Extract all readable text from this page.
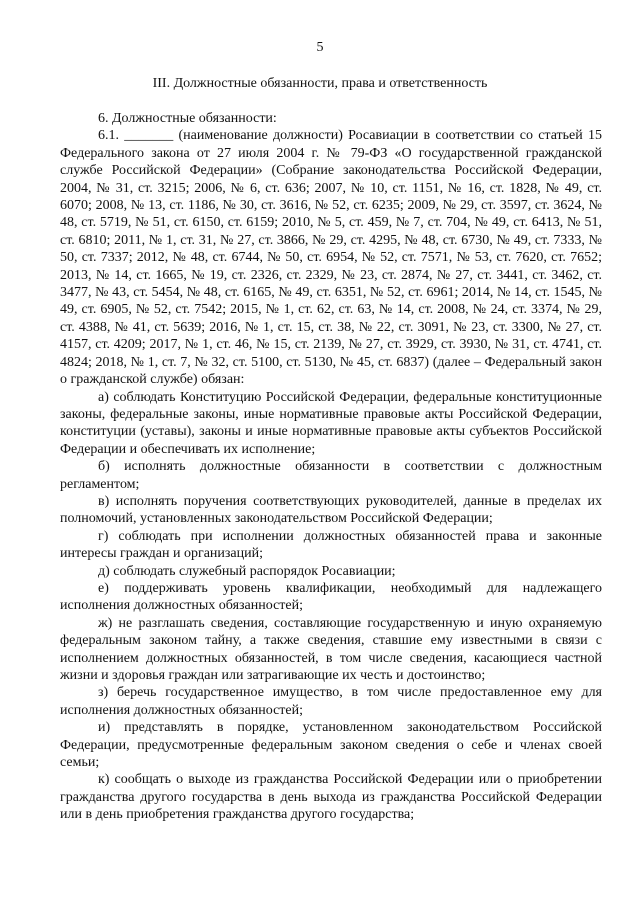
5
III. Должностные обязанности, права и ответственность

6. Должностные обязанности:

6.1. _______ (наименование должности) Росавиации в соответствии со статьей 15 Федерального закона от 27 июля 2004 г. № 79-ФЗ «О государственной гражданской службе Российской Федерации» (Собрание законодательства Российской Федерации, 2004, № 31, ст. 3215; 2006, № 6, ст. 636; 2007, № 10, ст. 1151, № 16, ст. 1828, № 49, ст. 6070; 2008, № 13, ст. 1186, № 30, ст. 3616, № 52, ст. 6235; 2009, № 29, ст. 3597, ст. 3624, № 48, ст. 5719, № 51, ст. 6150, ст. 6159; 2010, № 5, ст. 459, № 7, ст. 704, № 49, ст. 6413, № 51, ст. 6810; 2011, № 1, ст. 31, № 27, ст. 3866, № 29, ст. 4295, № 48, ст. 6730, № 49, ст. 7333, № 50, ст. 7337; 2012, № 48, ст. 6744, № 50, ст. 6954, № 52, ст. 7571, № 53, ст. 7620, ст. 7652; 2013, № 14, ст. 1665, № 19, ст. 2326, ст. 2329, № 23, ст. 2874, № 27, ст. 3441, ст. 3462, ст. 3477, № 43, ст. 5454, № 48, ст. 6165, № 49, ст. 6351, № 52, ст. 6961; 2014, № 14, ст. 1545, № 49, ст. 6905, № 52, ст. 7542; 2015, № 1, ст. 62, ст. 63, № 14, ст. 2008, № 24, ст. 3374, № 29, ст. 4388, № 41, ст. 5639; 2016, № 1, ст. 15, ст. 38, № 22, ст. 3091, № 23, ст. 3300, № 27, ст. 4157, ст. 4209; 2017, № 1, ст. 46, № 15, ст. 2139, № 27, ст. 3929, ст. 3930, № 31, ст. 4741, ст. 4824; 2018, № 1, ст. 7, № 32, ст. 5100, ст. 5130, № 45, ст. 6837) (далее – Федеральный закон о гражданской службе) обязан:

а) соблюдать Конституцию Российской Федерации, федеральные конституционные законы, федеральные законы, иные нормативные правовые акты Российской Федерации, конституции (уставы), законы и иные нормативные правовые акты субъектов Российской Федерации и обеспечивать их исполнение;

б) исполнять должностные обязанности в соответствии с должностным регламентом;

в) исполнять поручения соответствующих руководителей, данные в пределах их полномочий, установленных законодательством Российской Федерации;

г) соблюдать при исполнении должностных обязанностей права и законные интересы граждан и организаций;

д) соблюдать служебный распорядок Росавиации;

е) поддерживать уровень квалификации, необходимый для надлежащего исполнения должностных обязанностей;

ж) не разглашать сведения, составляющие государственную и иную охраняемую федеральным законом тайну, а также сведения, ставшие ему известными в связи с исполнением должностных обязанностей, в том числе сведения, касающиеся частной жизни и здоровья граждан или затрагивающие их честь и достоинство;

з) беречь государственное имущество, в том числе предоставленное ему для исполнения должностных обязанностей;

и) представлять в порядке, установленном законодательством Российской Федерации, предусмотренные федеральным законом сведения о себе и членах своей семьи;

к) сообщать о выходе из гражданства Российской Федерации или о приобретении гражданства другого государства в день выхода из гражданства Российской Федерации или в день приобретения гражданства другого государства;
